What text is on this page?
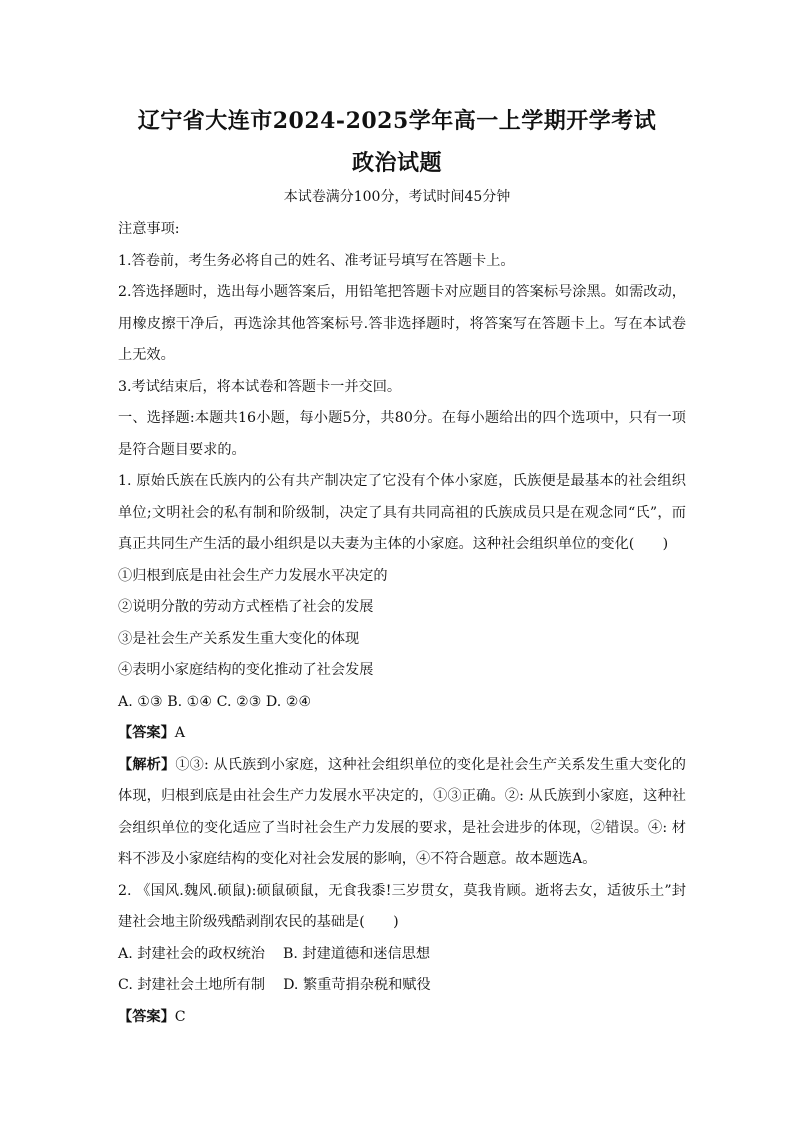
辽宁省大连市2024-2025学年高一上学期开学考试
政治试题

本试卷满分100分，考试时间45分钟

注意事项:

1.答卷前，考生务必将自己的姓名、准考证号填写在答题卡上。

2.答选择题时，选出每小题答案后，用铅笔把答题卡对应题目的答案标号涂黑。如需改动，用橡皮擦干净后，再选涂其他答案标号.答非选择题时，将答案写在答题卡上。写在本试卷上无效。

3.考试结束后，将本试卷和答题卡一并交回。

一、选择题:本题共16小题，每小题5分，共80分。在每小题给出的四个选项中，只有一项是符合题目要求的。

1. 原始氏族在氏族内的公有共产制决定了它没有个体小家庭，氏族便是最基本的社会组织单位;文明社会的私有制和阶级制，决定了具有共同高祖的氏族成员只是在观念同“氏”，而真正共同生产生活的最小组织是以夫妻为主体的小家庭。这种社会组织单位的变化(　　)

①归根到底是由社会生产力发展水平决定的

②说明分散的劳动方式桎梏了社会的发展

③是社会生产关系发生重大变化的体现

④表明小家庭结构的变化推动了社会发展

A. ①③ B. ①④ C. ②③ D. ②④

【答案】A

【解析】①③: 从氏族到小家庭，这种社会组织单位的变化是社会生产关系发生重大变化的体现，归根到底是由社会生产力发展水平决定的，①③正确。②: 从氏族到小家庭，这种社会组织单位的变化适应了当时社会生产力发展的要求，是社会进步的体现，②错误。④: 材料不涉及小家庭结构的变化对社会发展的影响，④不符合题意。故本题选A。

2. 《国风.魏风.硕鼠):硕鼠硕鼠，无食我黍!三岁贯女，莫我肯顾。逝将去女，适彼乐土”封建社会地主阶级残酷剥削农民的基础是(　　)

A. 封建社会的政权统治 B. 封建道德和迷信思想

C. 封建社会土地所有制 D. 繁重苛捐杂税和赋役

【答案】C
